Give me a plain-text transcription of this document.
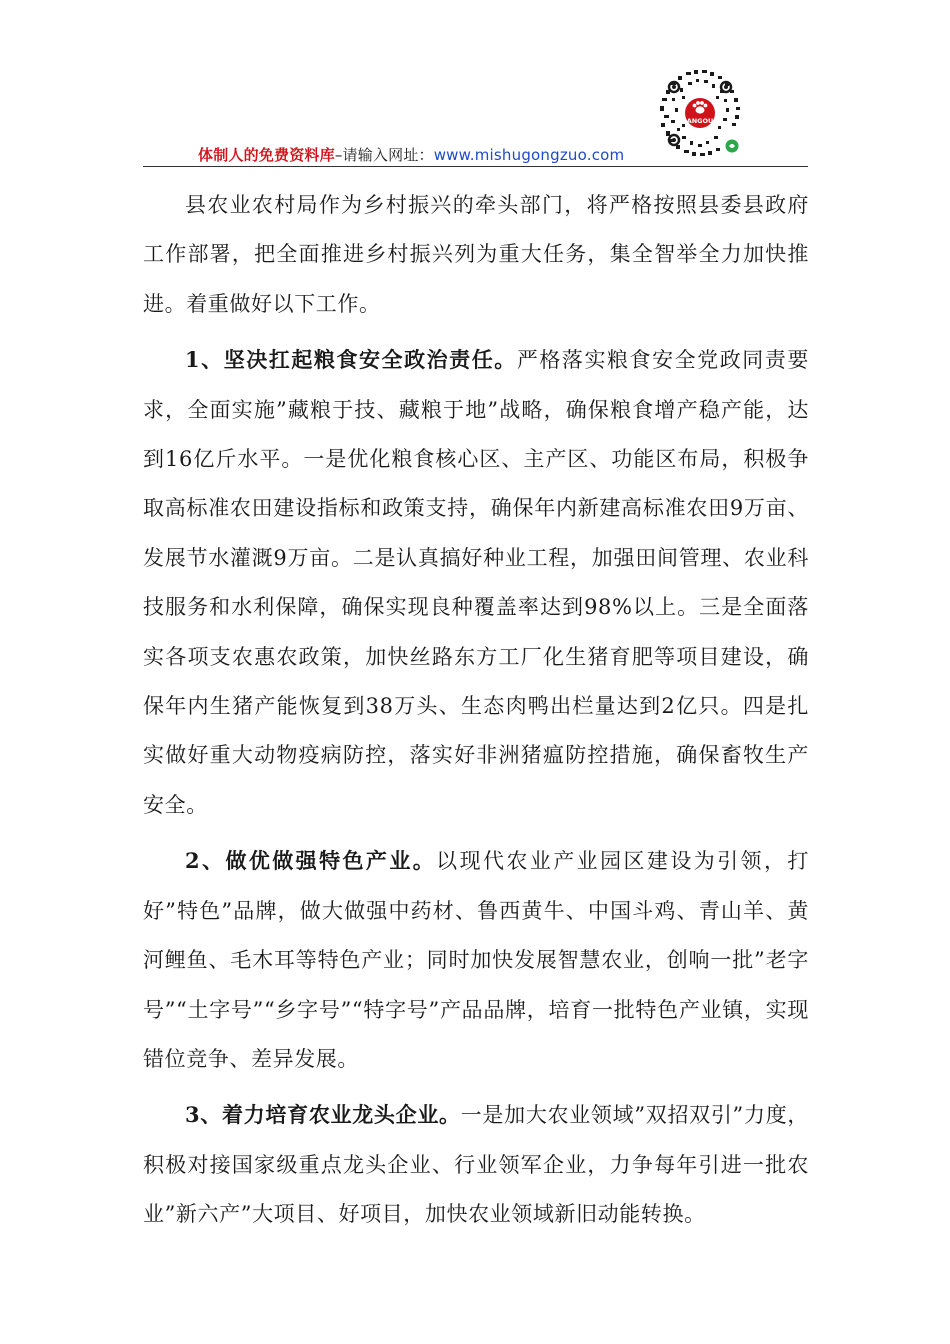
ANGOU
体制人的免费资料库–请输入网址：www.mishugongzuo.com

县农业农村局作为乡村振兴的牵头部门，将严格按照县委县政府工作部署，把全面推进乡村振兴列为重大任务，集全智举全力加快推进。着重做好以下工作。

1、坚决扛起粮食安全政治责任。严格落实粮食安全党政同责要求，全面实施”藏粮于技、藏粮于地”战略，确保粮食增产稳产能，达到16亿斤水平。一是优化粮食核心区、主产区、功能区布局，积极争取高标准农田建设指标和政策支持，确保年内新建高标准农田9万亩、发展节水灌溉9万亩。二是认真搞好种业工程，加强田间管理、农业科技服务和水利保障，确保实现良种覆盖率达到98%以上。三是全面落实各项支农惠农政策，加快丝路东方工厂化生猪育肥等项目建设，确保年内生猪产能恢复到38万头、生态肉鸭出栏量达到2亿只。四是扎实做好重大动物疫病防控，落实好非洲猪瘟防控措施，确保畜牧生产安全。

2、做优做强特色产业。以现代农业产业园区建设为引领，打好”特色”品牌，做大做强中药材、鲁西黄牛、中国斗鸡、青山羊、黄河鲤鱼、毛木耳等特色产业；同时加快发展智慧农业，创响一批”老字号”“土字号”“乡字号”“特字号”产品品牌，培育一批特色产业镇，实现错位竞争、差异发展。

3、着力培育农业龙头企业。一是加大农业领域”双招双引”力度，积极对接国家级重点龙头企业、行业领军企业，力争每年引进一批农业”新六产”大项目、好项目，加快农业领域新旧动能转换。
